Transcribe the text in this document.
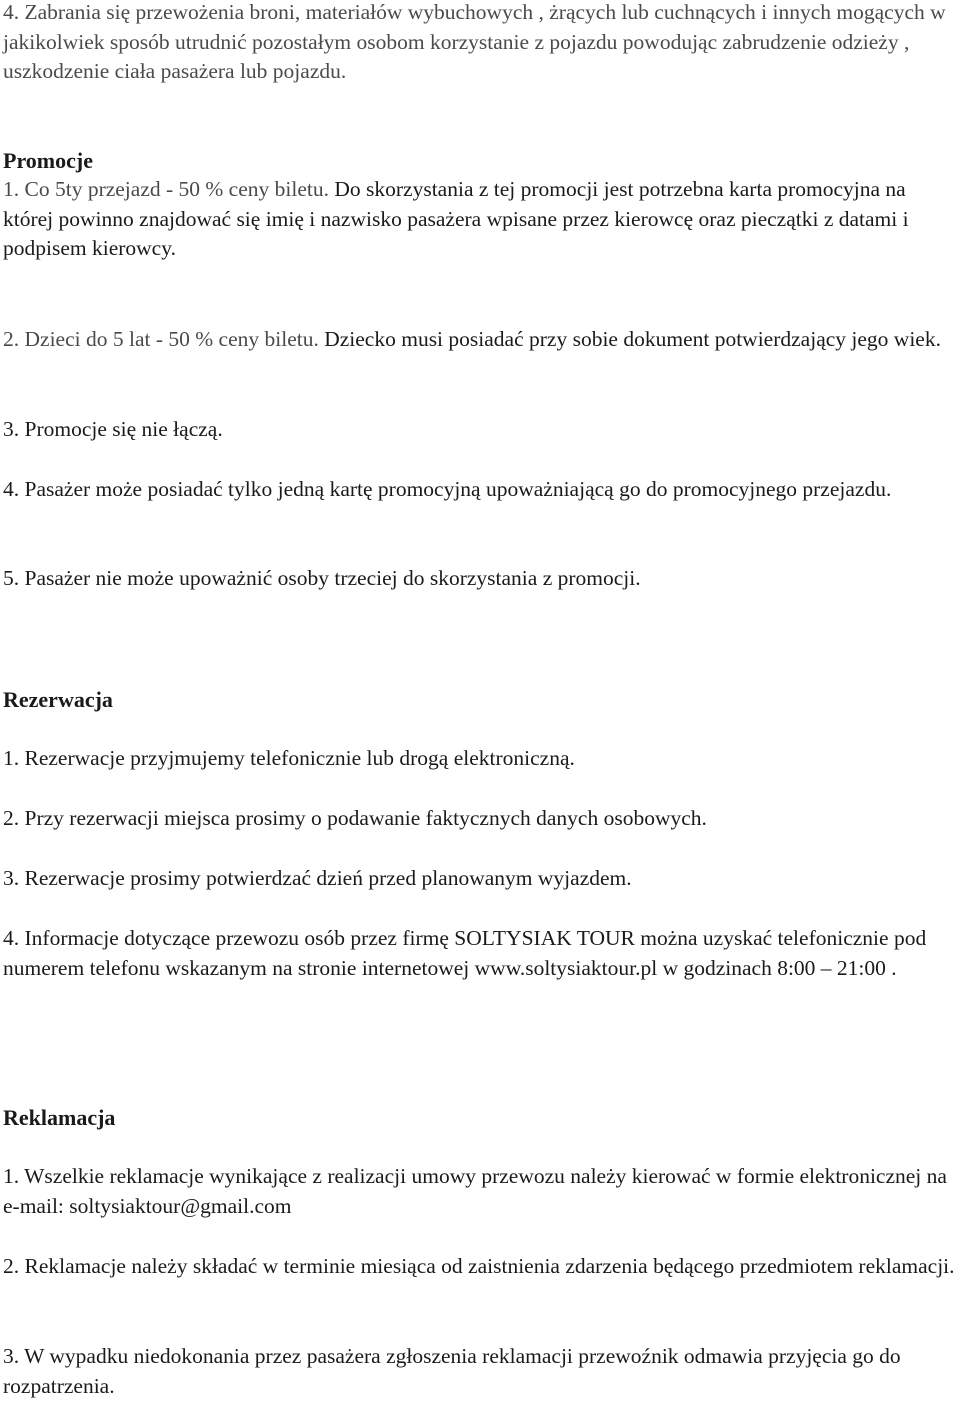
4. Zabrania się przewożenia broni, materiałów wybuchowych , żrących lub cuchnących i innych mogących w jakikolwiek sposób utrudnić pozostałym osobom korzystanie z pojazdu powodując zabrudzenie odzieży , uszkodzenie ciała pasażera lub pojazdu.

Promocje

1. Co 5ty przejazd - 50 % ceny biletu. Do skorzystania z tej promocji jest potrzebna karta promocyjna na której powinno znajdować się imię i nazwisko pasażera wpisane przez kierowcę oraz pieczątki z datami i podpisem kierowcy.

2. Dzieci do 5 lat - 50 % ceny biletu. Dziecko musi posiadać przy sobie dokument potwierdzający jego wiek.

3. Promocje się nie łączą.

4. Pasażer może posiadać tylko jedną kartę promocyjną upoważniającą go do promocyjnego przejazdu.

5. Pasażer nie może upoważnić osoby trzeciej do skorzystania z promocji.

Rezerwacja

1. Rezerwacje przyjmujemy telefonicznie lub drogą elektroniczną.

2. Przy rezerwacji miejsca prosimy o podawanie faktycznych danych osobowych.

3. Rezerwacje prosimy potwierdzać dzień przed planowanym wyjazdem.

4. Informacje dotyczące przewozu osób przez firmę SOLTYSIAK TOUR można uzyskać telefonicznie pod numerem telefonu wskazanym na stronie internetowej www.soltysiaktour.pl w godzinach 8:00 – 21:00 .

Reklamacja

1. Wszelkie reklamacje wynikające z realizacji umowy przewozu należy kierować w formie elektronicznej na e-mail: soltysiaktour@gmail.com

2. Reklamacje należy składać w terminie miesiąca od zaistnienia zdarzenia będącego przedmiotem reklamacji.

3. W wypadku niedokonania przez pasażera zgłoszenia reklamacji przewoźnik odmawia przyjęcia go do rozpatrzenia.
